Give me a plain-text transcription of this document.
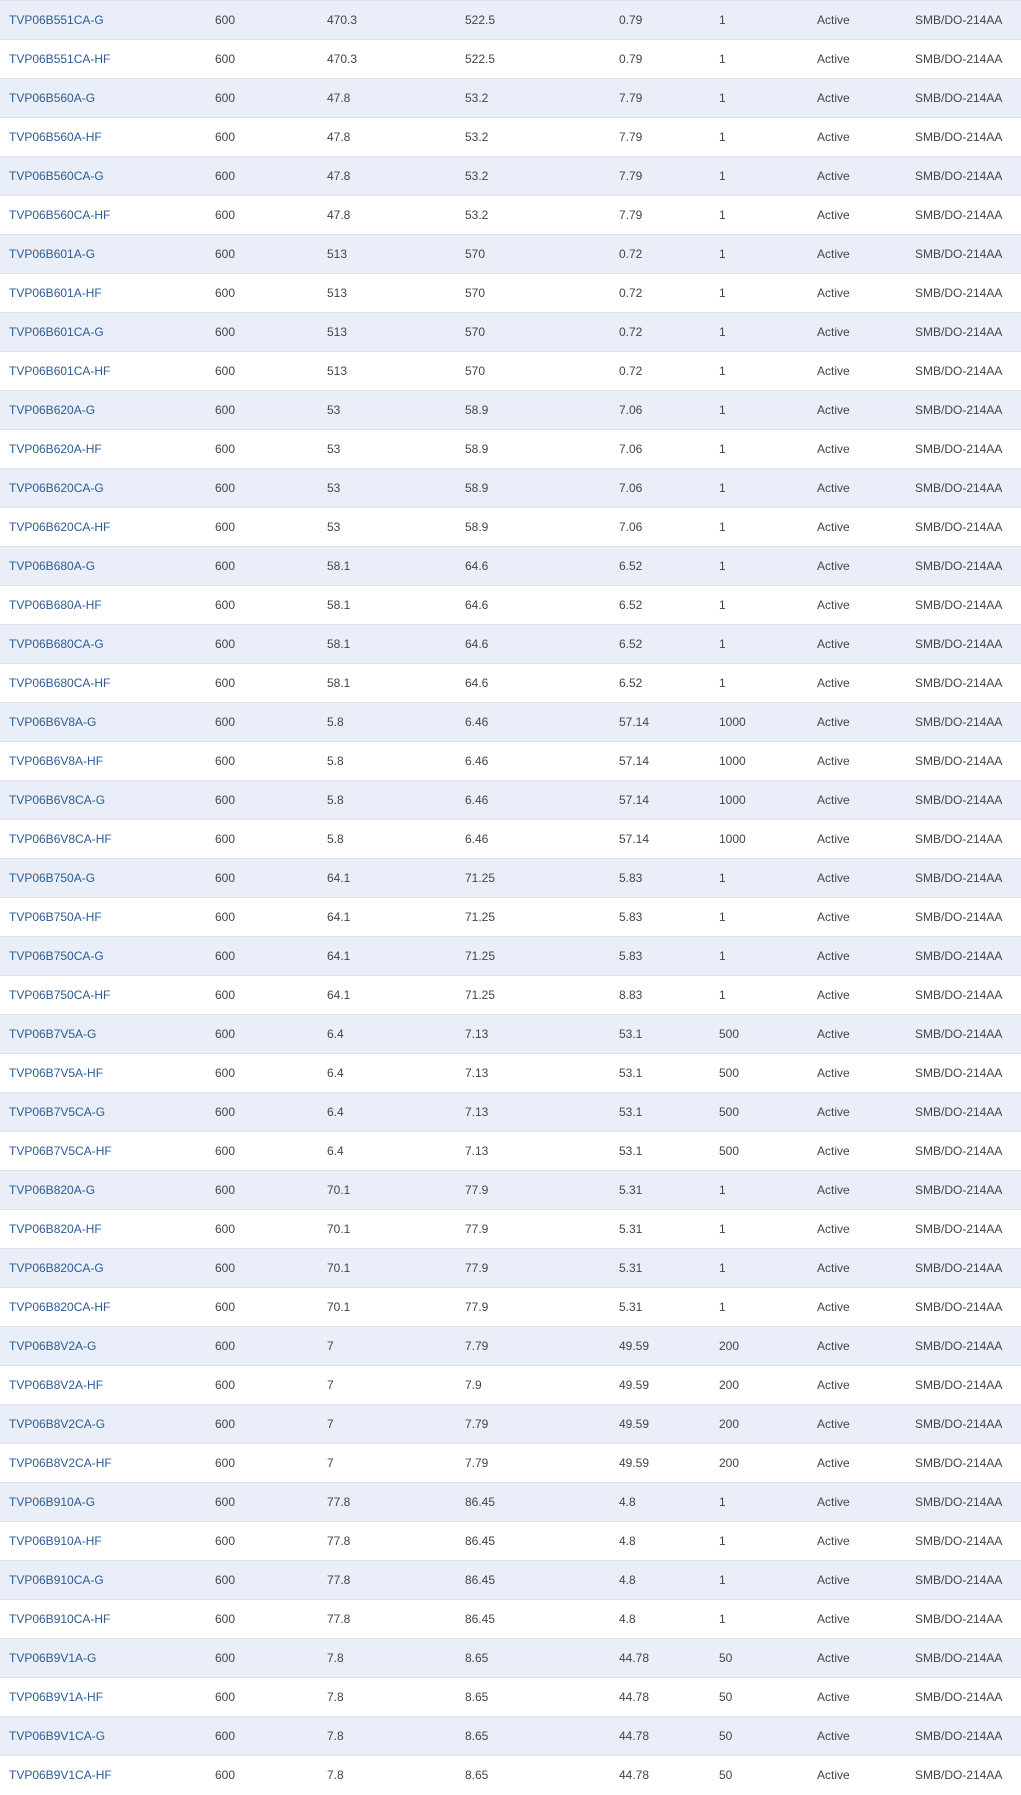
TVP06B551CA-G	600	470.3	522.5	0.79	1	Active	SMB/DO-214AA
TVP06B551CA-HF	600	470.3	522.5	0.79	1	Active	SMB/DO-214AA
TVP06B560A-G	600	47.8	53.2	7.79	1	Active	SMB/DO-214AA
TVP06B560A-HF	600	47.8	53.2	7.79	1	Active	SMB/DO-214AA
TVP06B560CA-G	600	47.8	53.2	7.79	1	Active	SMB/DO-214AA
TVP06B560CA-HF	600	47.8	53.2	7.79	1	Active	SMB/DO-214AA
TVP06B601A-G	600	513	570	0.72	1	Active	SMB/DO-214AA
TVP06B601A-HF	600	513	570	0.72	1	Active	SMB/DO-214AA
TVP06B601CA-G	600	513	570	0.72	1	Active	SMB/DO-214AA
TVP06B601CA-HF	600	513	570	0.72	1	Active	SMB/DO-214AA
TVP06B620A-G	600	53	58.9	7.06	1	Active	SMB/DO-214AA
TVP06B620A-HF	600	53	58.9	7.06	1	Active	SMB/DO-214AA
TVP06B620CA-G	600	53	58.9	7.06	1	Active	SMB/DO-214AA
TVP06B620CA-HF	600	53	58.9	7.06	1	Active	SMB/DO-214AA
TVP06B680A-G	600	58.1	64.6	6.52	1	Active	SMB/DO-214AA
TVP06B680A-HF	600	58.1	64.6	6.52	1	Active	SMB/DO-214AA
TVP06B680CA-G	600	58.1	64.6	6.52	1	Active	SMB/DO-214AA
TVP06B680CA-HF	600	58.1	64.6	6.52	1	Active	SMB/DO-214AA
TVP06B6V8A-G	600	5.8	6.46	57.14	1000	Active	SMB/DO-214AA
TVP06B6V8A-HF	600	5.8	6.46	57.14	1000	Active	SMB/DO-214AA
TVP06B6V8CA-G	600	5.8	6.46	57.14	1000	Active	SMB/DO-214AA
TVP06B6V8CA-HF	600	5.8	6.46	57.14	1000	Active	SMB/DO-214AA
TVP06B750A-G	600	64.1	71.25	5.83	1	Active	SMB/DO-214AA
TVP06B750A-HF	600	64.1	71.25	5.83	1	Active	SMB/DO-214AA
TVP06B750CA-G	600	64.1	71.25	5.83	1	Active	SMB/DO-214AA
TVP06B750CA-HF	600	64.1	71.25	8.83	1	Active	SMB/DO-214AA
TVP06B7V5A-G	600	6.4	7.13	53.1	500	Active	SMB/DO-214AA
TVP06B7V5A-HF	600	6.4	7.13	53.1	500	Active	SMB/DO-214AA
TVP06B7V5CA-G	600	6.4	7.13	53.1	500	Active	SMB/DO-214AA
TVP06B7V5CA-HF	600	6.4	7.13	53.1	500	Active	SMB/DO-214AA
TVP06B820A-G	600	70.1	77.9	5.31	1	Active	SMB/DO-214AA
TVP06B820A-HF	600	70.1	77.9	5.31	1	Active	SMB/DO-214AA
TVP06B820CA-G	600	70.1	77.9	5.31	1	Active	SMB/DO-214AA
TVP06B820CA-HF	600	70.1	77.9	5.31	1	Active	SMB/DO-214AA
TVP06B8V2A-G	600	7	7.79	49.59	200	Active	SMB/DO-214AA
TVP06B8V2A-HF	600	7	7.9	49.59	200	Active	SMB/DO-214AA
TVP06B8V2CA-G	600	7	7.79	49.59	200	Active	SMB/DO-214AA
TVP06B8V2CA-HF	600	7	7.79	49.59	200	Active	SMB/DO-214AA
TVP06B910A-G	600	77.8	86.45	4.8	1	Active	SMB/DO-214AA
TVP06B910A-HF	600	77.8	86.45	4.8	1	Active	SMB/DO-214AA
TVP06B910CA-G	600	77.8	86.45	4.8	1	Active	SMB/DO-214AA
TVP06B910CA-HF	600	77.8	86.45	4.8	1	Active	SMB/DO-214AA
TVP06B9V1A-G	600	7.8	8.65	44.78	50	Active	SMB/DO-214AA
TVP06B9V1A-HF	600	7.8	8.65	44.78	50	Active	SMB/DO-214AA
TVP06B9V1CA-G	600	7.8	8.65	44.78	50	Active	SMB/DO-214AA
TVP06B9V1CA-HF	600	7.8	8.65	44.78	50	Active	SMB/DO-214AA
